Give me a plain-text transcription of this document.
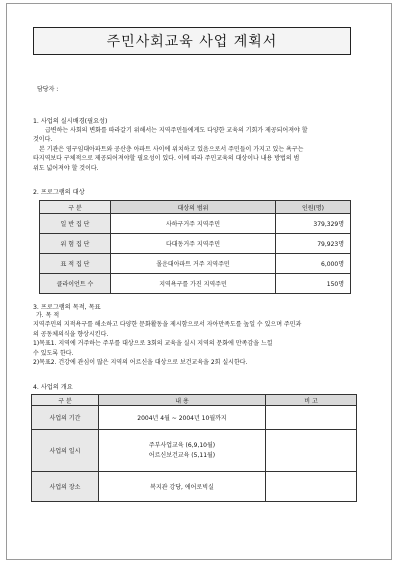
주민사회교육 사업 계획서
담당자 :
1. 사업의 실시배경(필요성)
급변하는 사회의 변화를 따라갈기 위해서는 지역주민들에게도 다양한 교육의 기회가 제공되어져야 할
것이다.
본 기관은 영구임대아파트와 공산층 아파트 사이에 위치하고 있음으로서 주민들이 가지고 있는 욕구는
타지역보다 구체적으로 제공되어져야할 필요성이 있다. 이에 따라 주민교육의 대상이나 내용 방법의 범
위도 넓어져야 할 것이다.
2. 프로그램의 대상
구 분	대상의 범위	인원(명)
일 반 집 단	사하구거주 지역주민	379,329명
위 험 집 단	다대동거주 지역주민	79,923명
표 적 집 단	몰운대아파트 거주 지역주민	6,000명
클라이언트 수	지역욕구를 가진 지역주민	150명
3. 프로그램의 목적, 목표
가. 목 적
지역주민의 지적욕구를 해소하고 다양한 문화활동을 제시함으로서 자아만족도를 높일 수 있으며 주민과
의 공동체의식을 향상시킨다.
1)목표1. 지역에 거주하는 주부를 대상으로 3회의 교육을 실시 지역의 문화에 만족감을 느낄
수 있도록 한다.
2)목표2. 건강에 관심이 많은 지역의 어르신을 대상으로 보건교육을 2회 실시한다.
4. 사업의 개요
구 분	내 용	비 고
사업의 기간	2004년 4월 ~ 2004년 10월까지	

사업의 일시	주부사업교육 (6,9,10월)
어르신보건교육 (5,11월)	

사업의 장소	복지관 강당, 에어로빅실	
